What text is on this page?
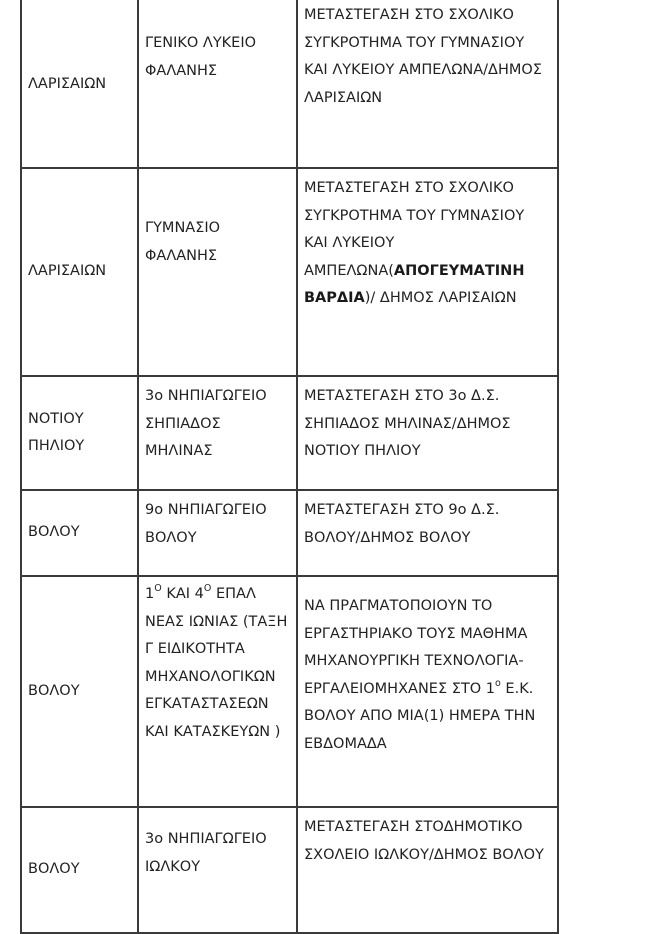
ΛΑΡΙΣΑΙΩΝ	ΓΕΝΙΚΟ ΛΥΚΕΙΟ ΦΑΛΑΝΗΣ	ΜΕΤΑΣΤΕΓΑΣΗ ΣΤΟ ΣΧΟΛΙΚΟ ΣΥΓΚΡΟΤΗΜΑ ΤΟΥ ΓΥΜΝΑΣΙΟΥ ΚΑΙ ΛΥΚΕΙΟΥ ΑΜΠΕΛΩΝΑ/ΔΗΜΟΣ ΛΑΡΙΣΑΙΩΝ
ΛΑΡΙΣΑΙΩΝ	ΓΥΜΝΑΣΙΟ ΦΑΛΑΝΗΣ	ΜΕΤΑΣΤΕΓΑΣΗ ΣΤΟ ΣΧΟΛΙΚΟ ΣΥΓΚΡΟΤΗΜΑ ΤΟΥ ΓΥΜΝΑΣΙΟΥ ΚΑΙ ΛΥΚΕΙΟΥ ΑΜΠΕΛΩΝΑ(ΑΠΟΓΕΥΜΑΤΙΝΗ ΒΑΡΔΙΑ)/ ΔΗΜΟΣ ΛΑΡΙΣΑΙΩΝ
ΝΟΤΙΟΥ ΠΗΛΙΟΥ	3ο ΝΗΠΙΑΓΩΓΕΙΟ ΣΗΠΙΑΔΟΣ ΜΗΛΙΝΑΣ	ΜΕΤΑΣΤΕΓΑΣΗ ΣΤΟ 3ο Δ.Σ. ΣΗΠΙΑΔΟΣ ΜΗΛΙΝΑΣ/ΔΗΜΟΣ ΝΟΤΙΟΥ ΠΗΛΙΟΥ
ΒΟΛΟΥ	9ο ΝΗΠΙΑΓΩΓΕΙΟ ΒΟΛΟΥ	ΜΕΤΑΣΤΕΓΑΣΗ ΣΤΟ 9ο Δ.Σ. ΒΟΛΟΥ/ΔΗΜΟΣ ΒΟΛΟΥ
ΒΟΛΟΥ	$1^O$ ΚΑΙ $4^O$ ΕΠΑΛ ΝΕΑΣ ΙΩΝΙΑΣ (ΤΑΞΗ Γ ΕΙΔΙΚΟΤΗΤΑ ΜΗΧΑΝΟΛΟΓΙΚΩΝ ΕΓΚΑΤΑΣΤΑΣΕΩΝ ΚΑΙ ΚΑΤΑΣΚΕΥΩΝ )	ΝΑ ΠΡΑΓΜΑΤΟΠΟΙΟΥΝ ΤΟ ΕΡΓΑΣΤΗΡΙΑΚΟ ΤΟΥΣ ΜΑΘΗΜΑ ΜΗΧΑΝΟΥΡΓΙΚΗ ΤΕΧΝΟΛΟΓΙΑ-ΕΡΓΑΛΕΙΟΜΗΧΑΝΕΣ ΣΤΟ $1^o$ Ε.Κ. ΒΟΛΟΥ ΑΠΟ ΜΙΑ(1) ΗΜΕΡΑ ΤΗΝ ΕΒΔΟΜΑΔΑ
ΒΟΛΟΥ	3ο ΝΗΠΙΑΓΩΓΕΙΟ ΙΩΛΚΟΥ	ΜΕΤΑΣΤΕΓΑΣΗ ΣΤΟΔΗΜΟΤΙΚΟ ΣΧΟΛΕΙΟ ΙΩΛΚΟΥ/ΔΗΜΟΣ ΒΟΛΟΥ
